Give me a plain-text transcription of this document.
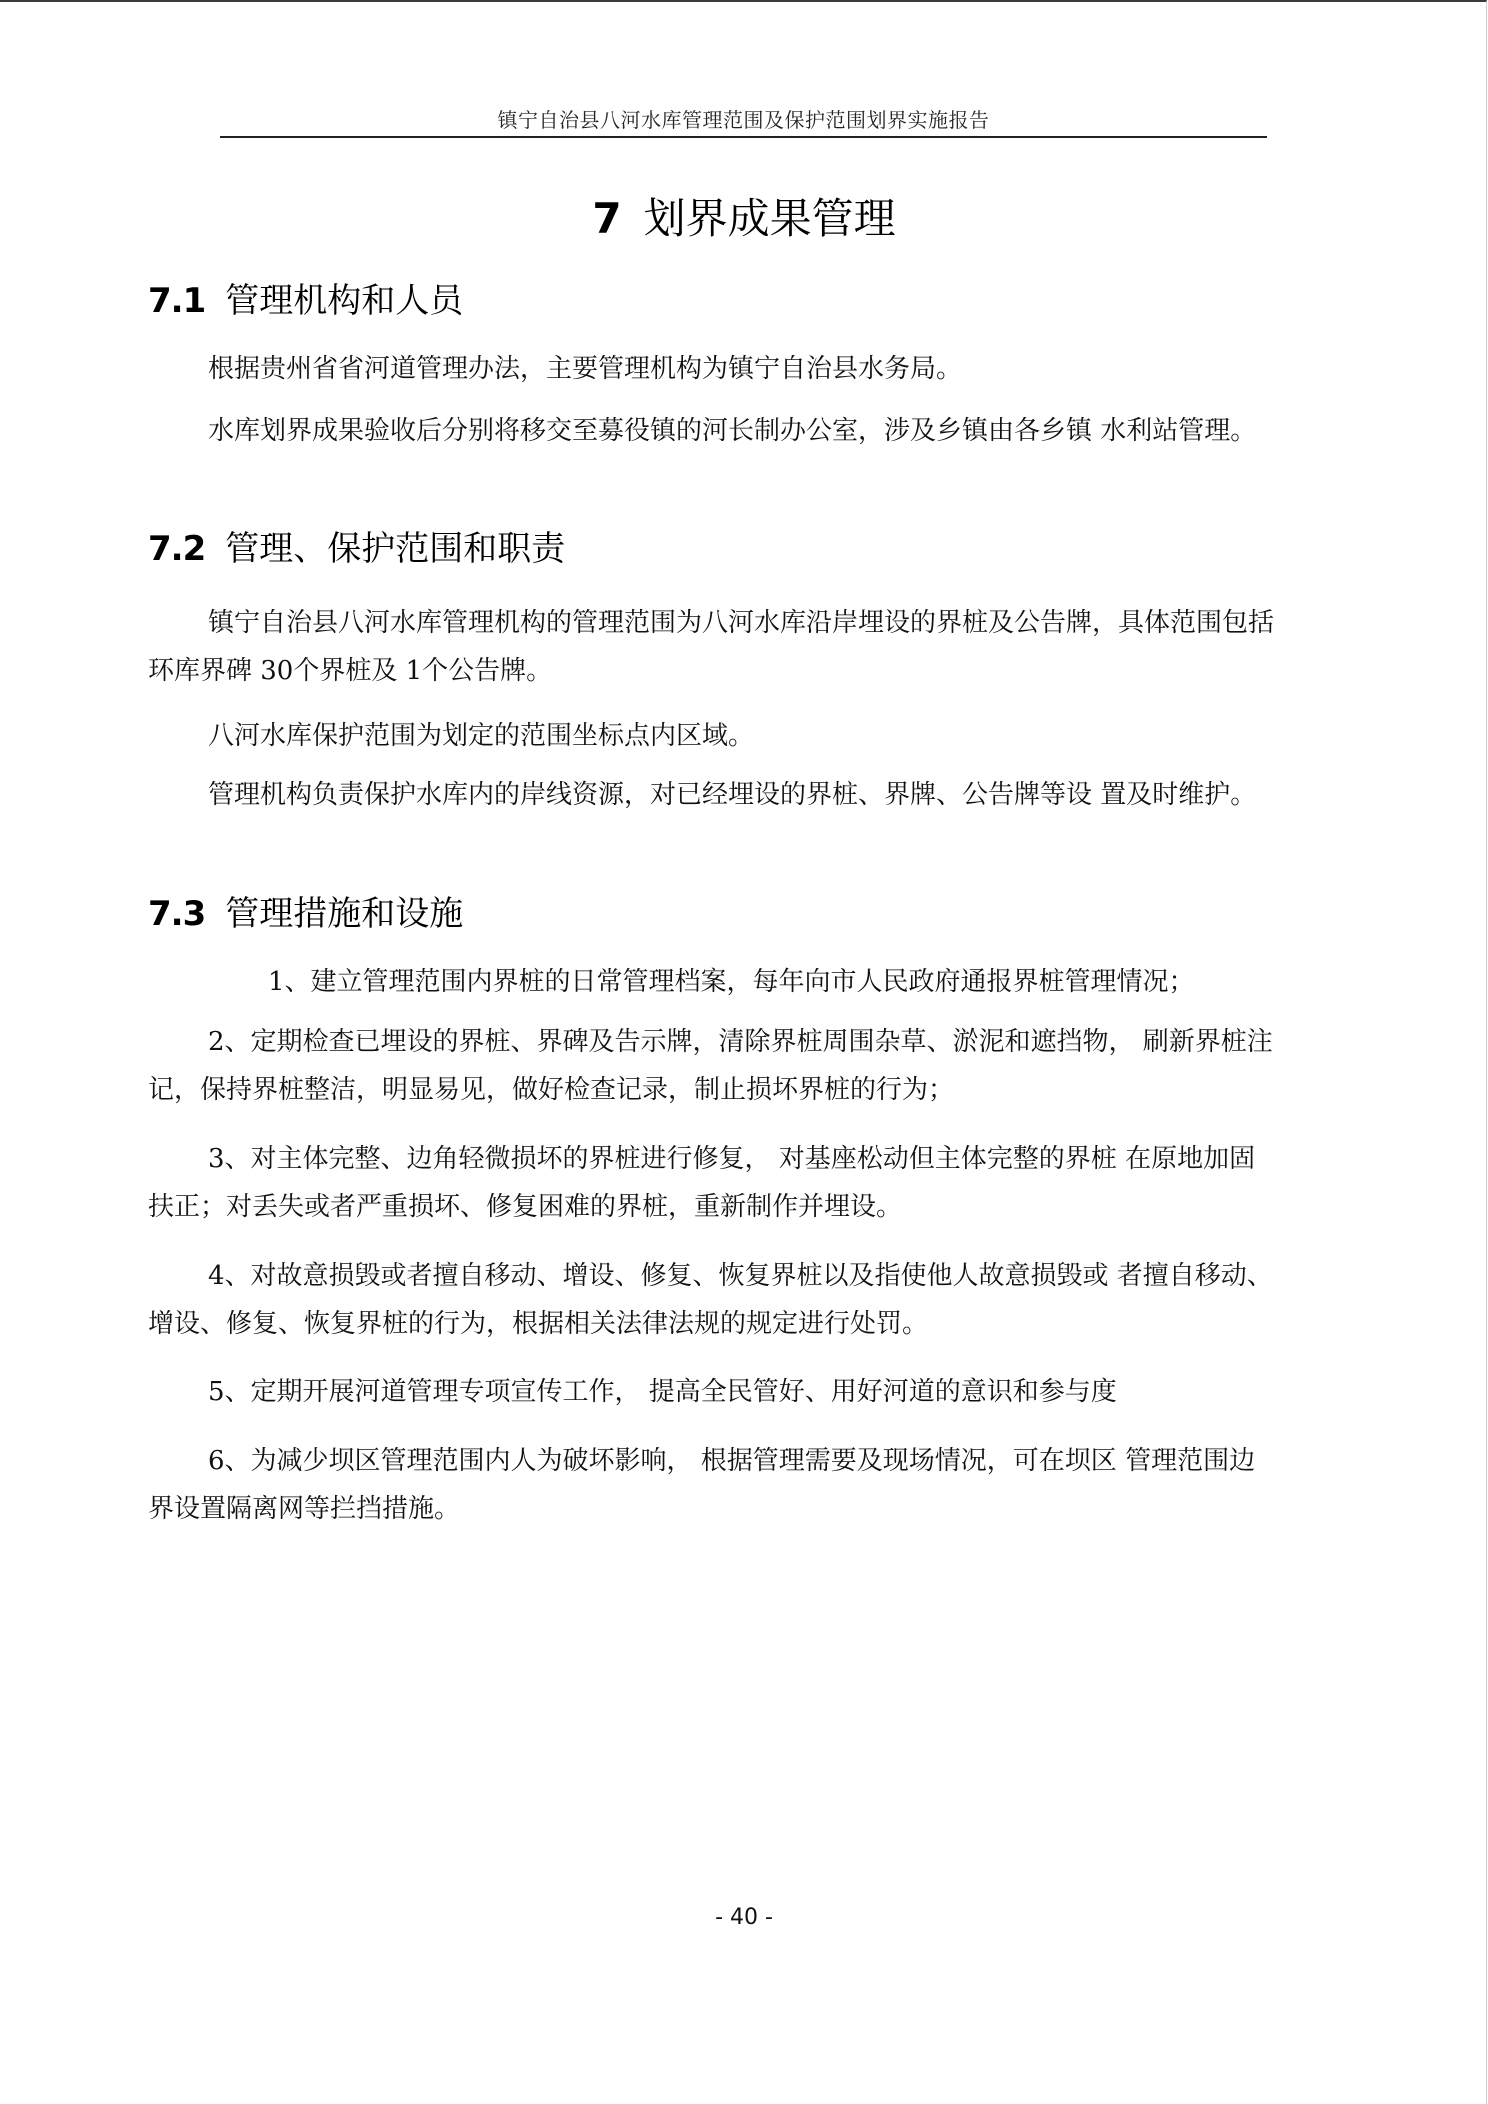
镇宁自治县八河水库管理范围及保护范围划界实施报告
7 划界成果管理
7.1 管理机构和人员

根据贵州省省河道管理办法，主要管理机构为镇宁自治县水务局。

水库划界成果验收后分别将移交至募役镇的河长制办公室，涉及乡镇由各乡镇 水利站管理。

7.2 管理、保护范围和职责

镇宁自治县八河水库管理机构的管理范围为八河水库沿岸埋设的界桩及公告牌，具体范围包括环库界碑 30个界桩及 1个公告牌。

八河水库保护范围为划定的范围坐标点内区域。

管理机构负责保护水库内的岸线资源，对已经埋设的界桩、界牌、公告牌等设 置及时维护。

7.3 管理措施和设施

1、建立管理范围内界桩的日常管理档案，每年向市人民政府通报界桩管理情况；

2、定期检查已埋设的界桩、界碑及告示牌，清除界桩周围杂草、淤泥和遮挡物， 刷新界桩注记，保持界桩整洁，明显易见，做好检查记录，制止损坏界桩的行为；

3、对主体完整、边角轻微损坏的界桩进行修复， 对基座松动但主体完整的界桩 在原地加固扶正；对丢失或者严重损坏、修复困难的界桩，重新制作并埋设。

4、对故意损毁或者擅自移动、增设、修复、恢复界桩以及指使他人故意损毁或 者擅自移动、增设、修复、恢复界桩的行为，根据相关法律法规的规定进行处罚。

5、定期开展河道管理专项宣传工作， 提高全民管好、用好河道的意识和参与度

6、为减少坝区管理范围内人为破坏影响， 根据管理需要及现场情况，可在坝区 管理范围边界设置隔离网等拦挡措施。

- 40 -
